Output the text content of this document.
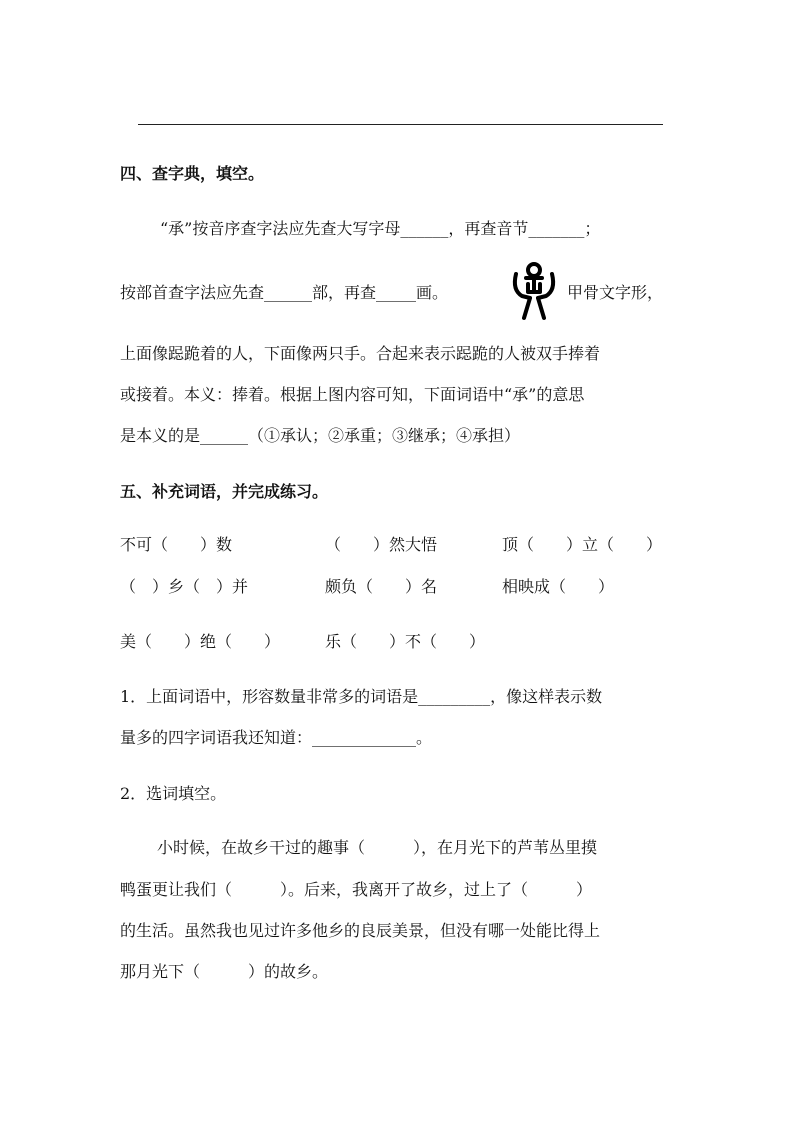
四、查字典，填空。
“承”按音序查字法应先查大写字母______，再查音节_______；
按部首查字法应先查______部，再查_____画。	甲骨文字形，
上面像跽跪着的人，下面像两只手。合起来表示跽跪的人被双手捧着
或接着。本义：捧着。根据上图内容可知，下面词语中“承”的意思
是本义的是______（①承认；②承重；③继承；④承担）
五、补充词语，并完成练习。
不可（　　）数	（　　）然大悟	顶（　　）立（　　）
（　）乡（　）并	颇负（　　）名	相映成（　　）
美（　　）绝（　　）	乐（　　）不（　　）
1．上面词语中，形容数量非常多的词语是_________，像这样表示数
量多的四字词语我还知道：_____________。
2．选词填空。
小时候，在故乡干过的趣事（　　　），在月光下的芦苇丛里摸
鸭蛋更让我们（　　　）。后来，我离开了故乡，过上了（　　　）
的生活。虽然我也见过许多他乡的良辰美景，但没有哪一处能比得上
那月光下（　　　）的故乡。
